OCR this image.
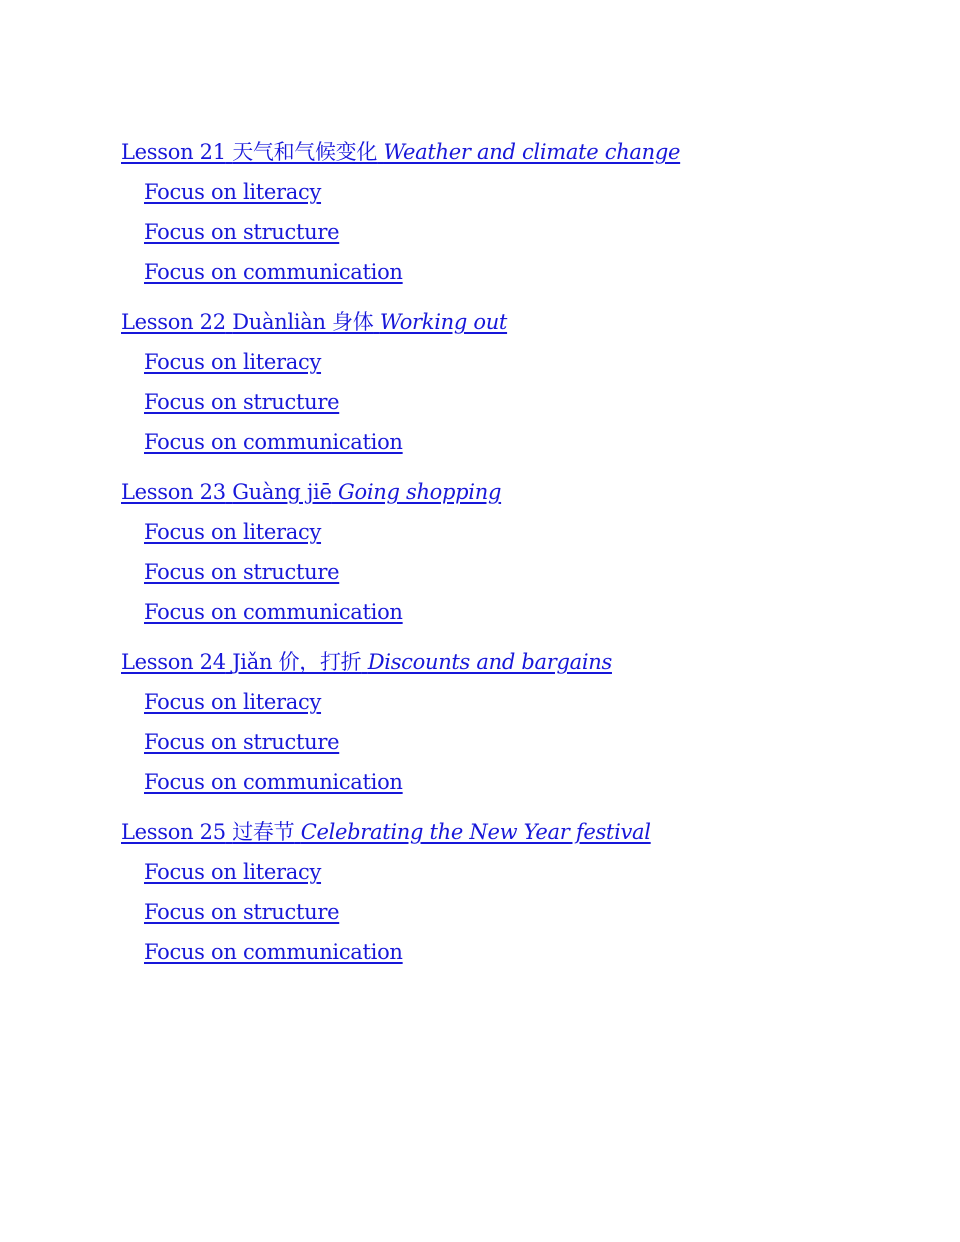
Lesson 21 天气和气候变化 Weather and climate change
Focus on literacy
Focus on structure
Focus on communication
Lesson 22 Duànliàn 身体 Working out
Focus on literacy
Focus on structure
Focus on communication
Lesson 23 Guàng jiē Going shopping
Focus on literacy
Focus on structure
Focus on communication
Lesson 24 Jiǎn 价，打折 Discounts and bargains
Focus on literacy
Focus on structure
Focus on communication
Lesson 25 过春节 Celebrating the New Year festival
Focus on literacy
Focus on structure
Focus on communication
